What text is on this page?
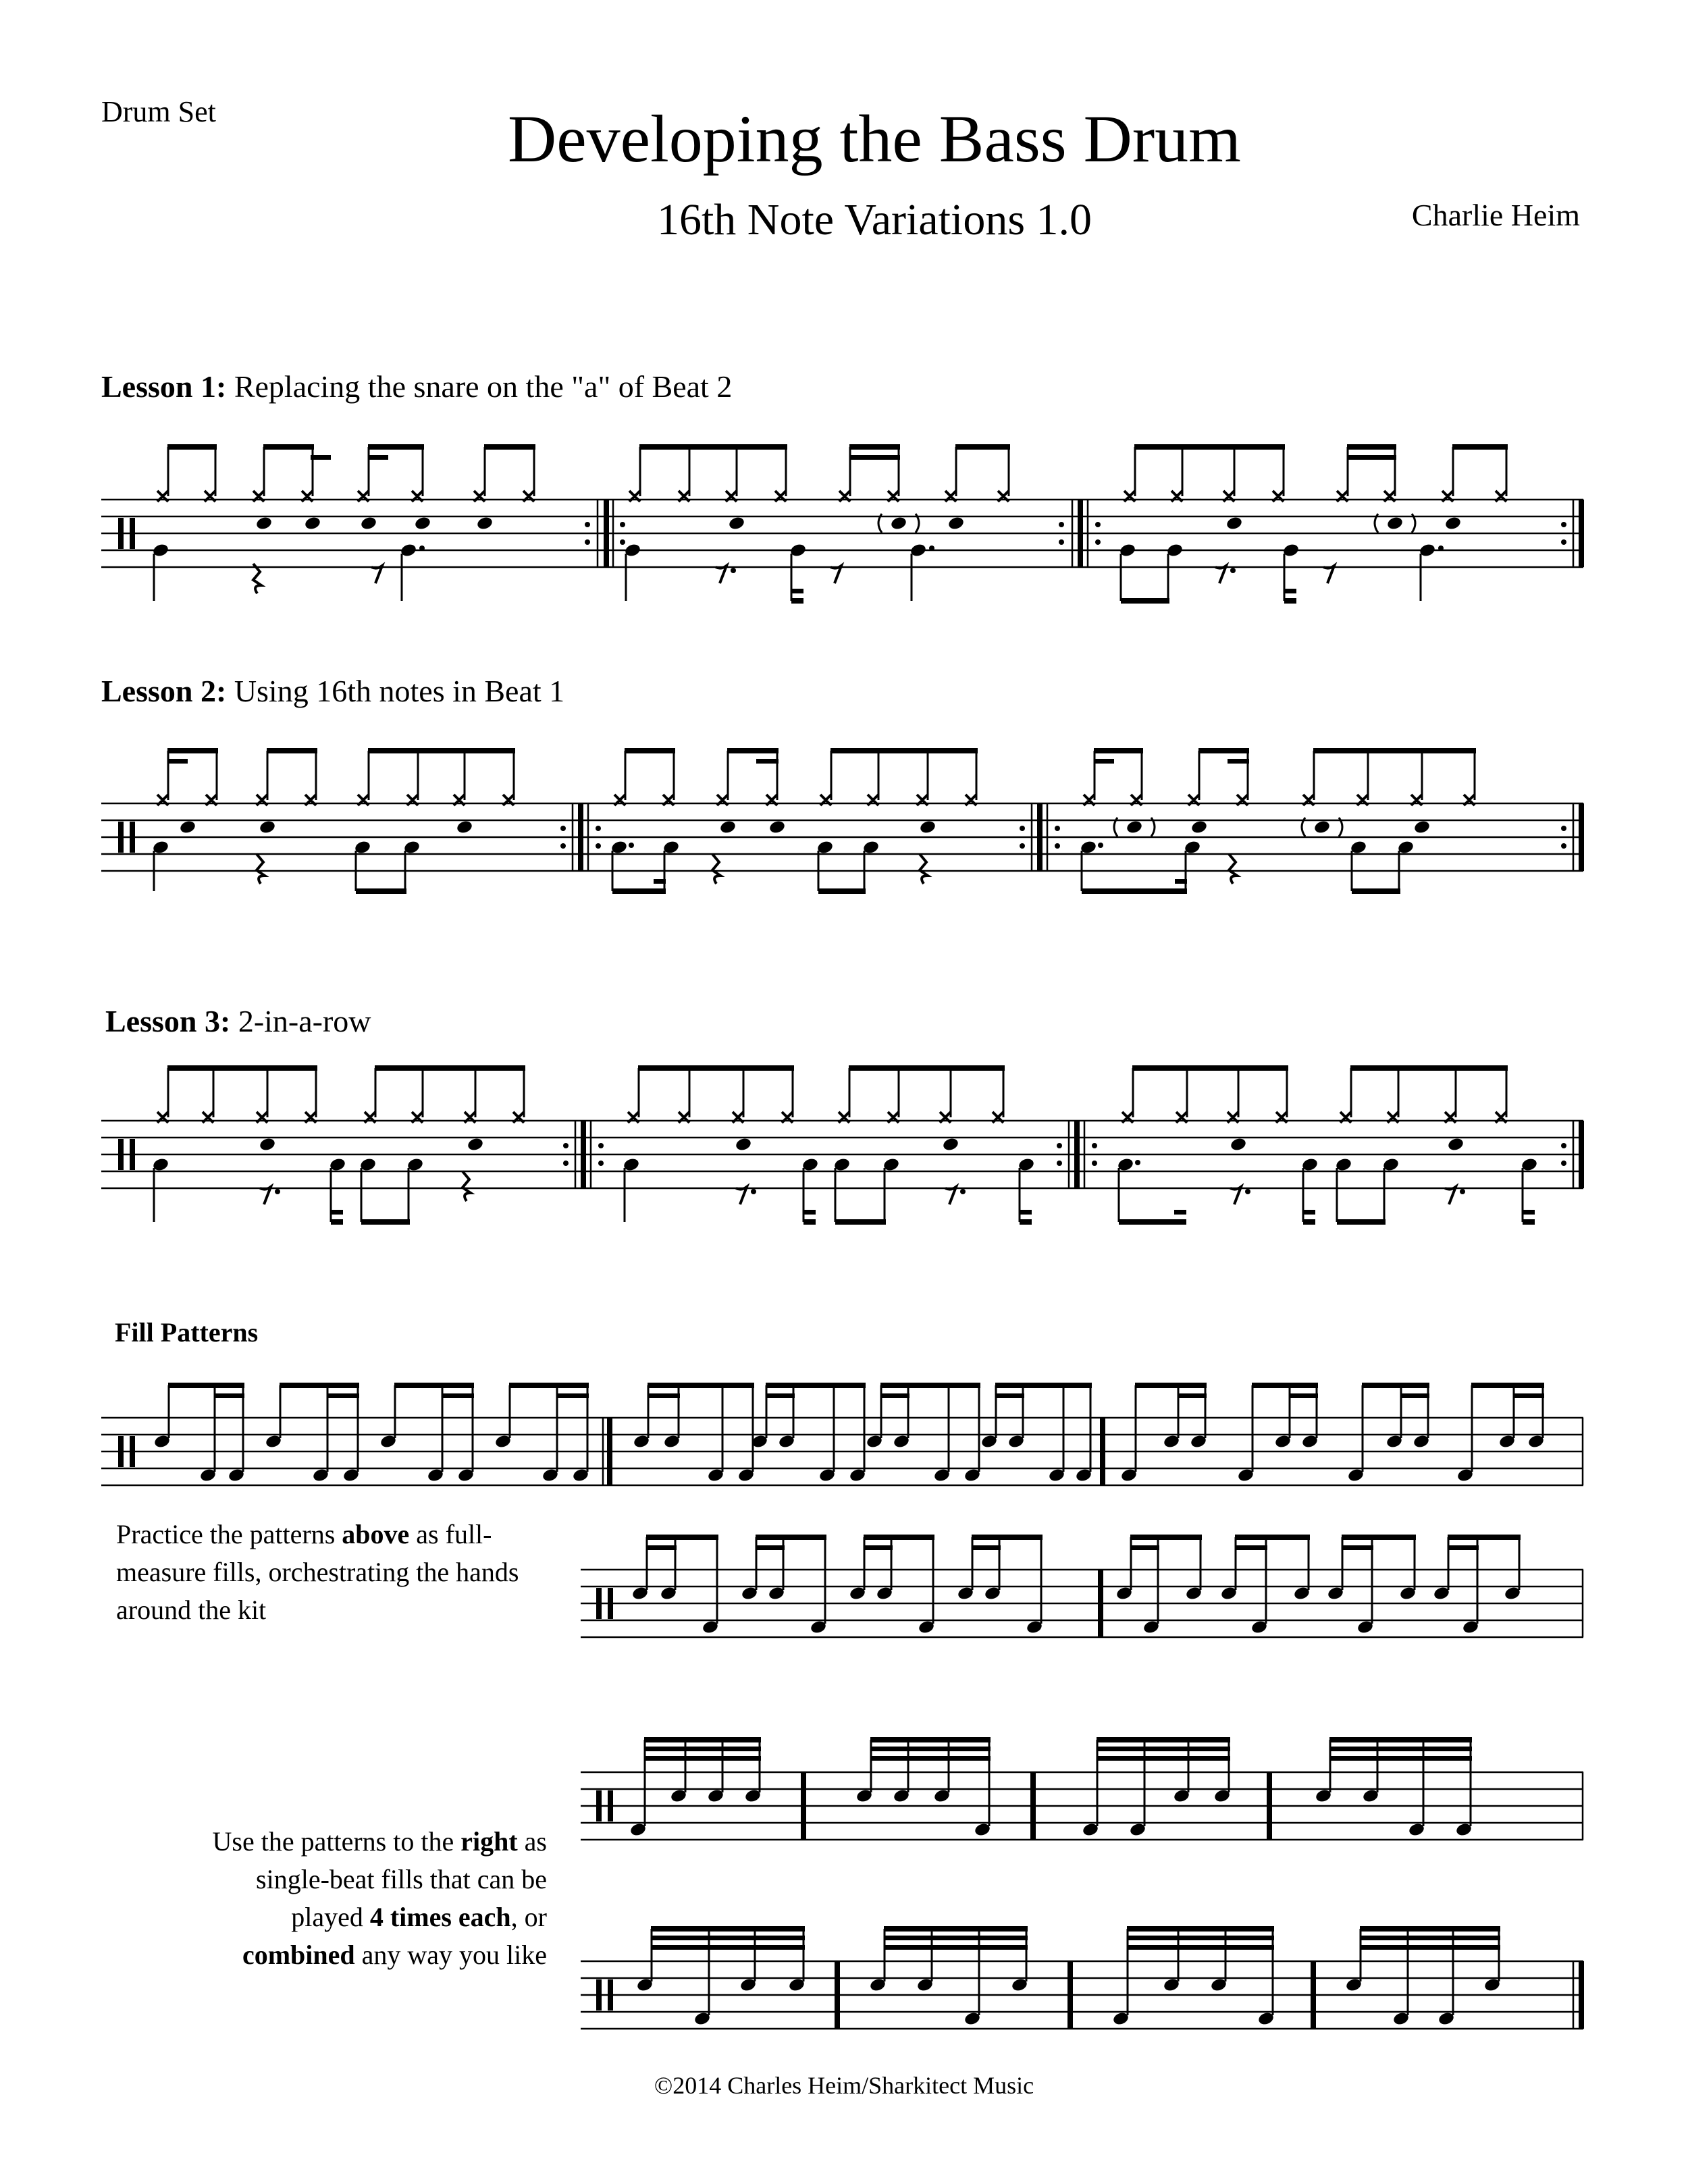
Drum Set	Developing the Bass Drum
16th Note Variations 1.0	Charlie Heim
Lesson 1: Replacing the snare on the "a" of Beat 2
Lesson 2: Using 16th notes in Beat 1
Lesson 3: 2-in-a-row
Fill Patterns
Practice the patterns above as full-measure fills, orchestrating the hands around the kit
Use the patterns to the right as single-beat fills that can be played 4 times each, or combined any way you like
©2014 Charles Heim/Sharkitect Music
